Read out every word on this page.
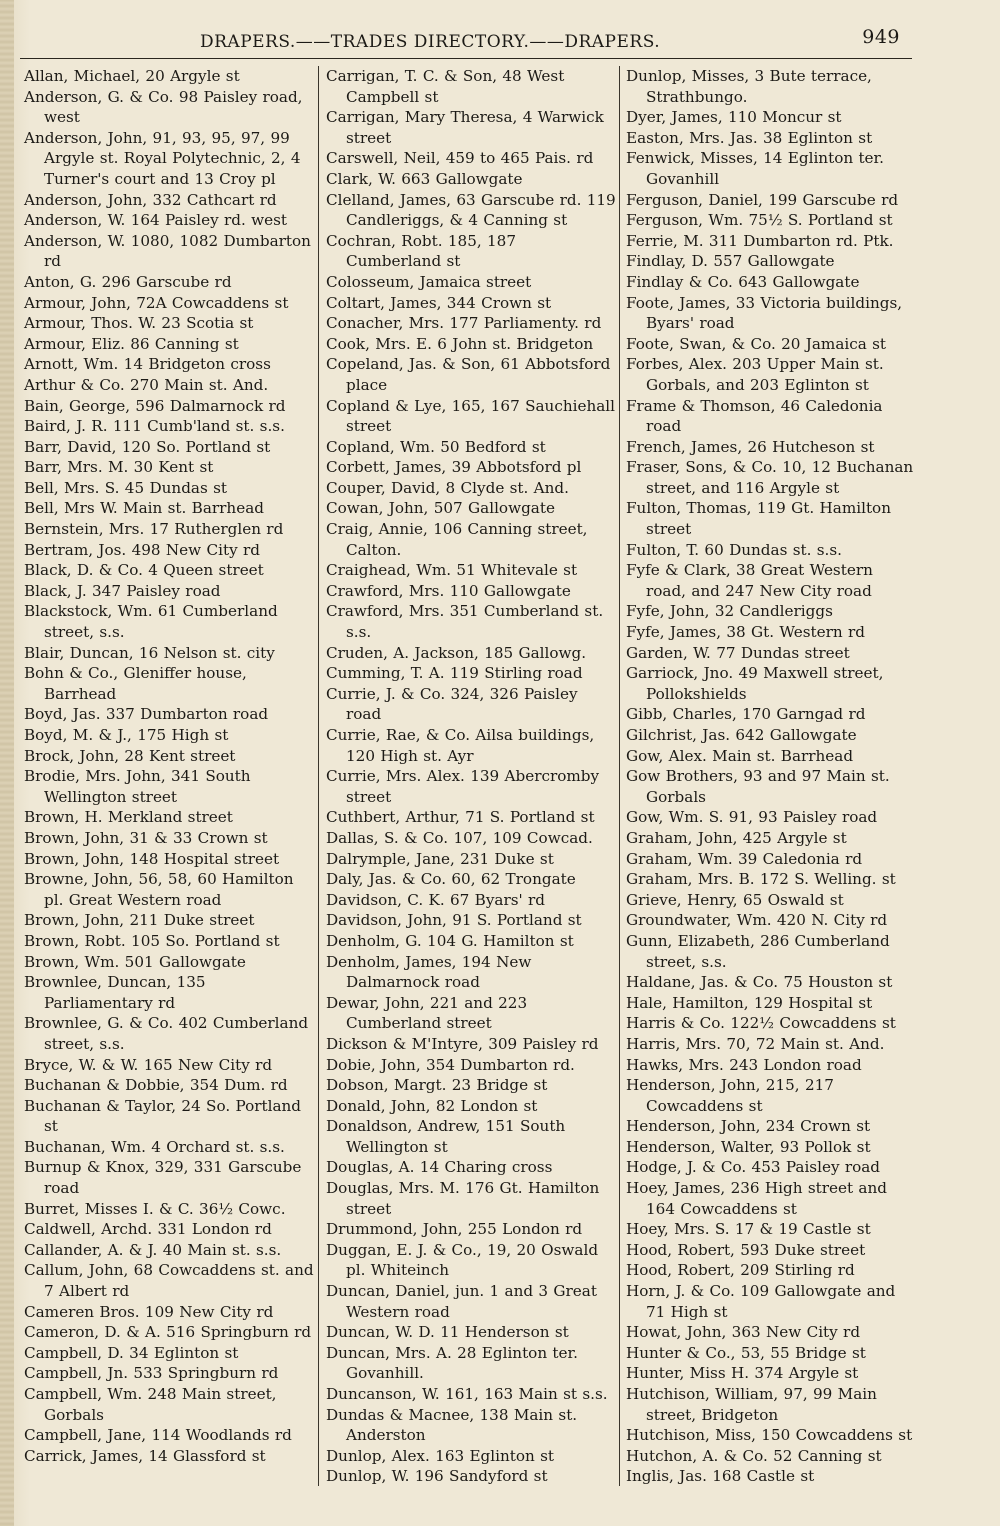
DRAPERS.——TRADES DIRECTORY.——DRAPERS.	949
Allan, Michael, 20 Argyle st
Anderson, G. & Co. 98 Paisley road, west
Anderson, John, 91, 93, 95, 97, 99 Argyle st. Royal Polytechnic, 2, 4 Turner's court and 13 Croy pl
Anderson, John, 332 Cathcart rd
Anderson, W. 164 Paisley rd. west
Anderson, W. 1080, 1082 Dumbarton rd
Anton, G. 296 Garscube rd
Armour, John, 72A Cowcaddens st
Armour, Thos. W. 23 Scotia st
Armour, Eliz. 86 Canning st
Arnott, Wm. 14 Bridgeton cross
Arthur & Co. 270 Main st. And.
Bain, George, 596 Dalmarnock rd
Baird, J. R. 111 Cumb'land st. s.s.
Barr, David, 120 So. Portland st
Barr, Mrs. M. 30 Kent st
Bell, Mrs. S. 45 Dundas st
Bell, Mrs W. Main st. Barrhead
Bernstein, Mrs. 17 Rutherglen rd
Bertram, Jos. 498 New City rd
Black, D. & Co. 4 Queen street
Black, J. 347 Paisley road
Blackstock, Wm. 61 Cumberland street, s.s.
Blair, Duncan, 16 Nelson st. city
Bohn & Co., Gleniffer house, Barrhead
Boyd, Jas. 337 Dumbarton road
Boyd, M. & J., 175 High st
Brock, John, 28 Kent street
Brodie, Mrs. John, 341 South Wellington street
Brown, H. Merkland street
Brown, John, 31 & 33 Crown st
Brown, John, 148 Hospital street
Browne, John, 56, 58, 60 Hamilton pl. Great Western road
Brown, John, 211 Duke street
Brown, Robt. 105 So. Portland st
Brown, Wm. 501 Gallowgate
Brownlee, Duncan, 135 Parliamentary rd
Brownlee, G. & Co. 402 Cumberland street, s.s.
Bryce, W. & W. 165 New City rd
Buchanan & Dobbie, 354 Dum. rd
Buchanan & Taylor, 24 So. Portland st
Buchanan, Wm. 4 Orchard st. s.s.
Burnup & Knox, 329, 331 Garscube road
Burret, Misses I. & C. 36½ Cowc.
Caldwell, Archd. 331 London rd
Callander, A. & J. 40 Main st. s.s.
Callum, John, 68 Cowcaddens st. and 7 Albert rd
Cameren Bros. 109 New City rd
Cameron, D. & A. 516 Springburn rd
Campbell, D. 34 Eglinton st
Campbell, Jn. 533 Springburn rd
Campbell, Wm. 248 Main street, Gorbals
Campbell, Jane, 114 Woodlands rd
Carrick, James, 14 Glassford st
Carrigan, T. C. & Son, 48 West Campbell st
Carrigan, Mary Theresa, 4 Warwick street
Carswell, Neil, 459 to 465 Pais. rd
Clark, W. 663 Gallowgate
Clelland, James, 63 Garscube rd. 119 Candleriggs, & 4 Canning st
Cochran, Robt. 185, 187 Cumberland st
Colosseum, Jamaica street
Coltart, James, 344 Crown st
Conacher, Mrs. 177 Parliamenty. rd
Cook, Mrs. E. 6 John st. Bridgeton
Copeland, Jas. & Son, 61 Abbotsford place
Copland & Lye, 165, 167 Sauchiehall street
Copland, Wm. 50 Bedford st
Corbett, James, 39 Abbotsford pl
Couper, David, 8 Clyde st. And.
Cowan, John, 507 Gallowgate
Craig, Annie, 106 Canning street, Calton.
Craighead, Wm. 51 Whitevale st
Crawford, Mrs. 110 Gallowgate
Crawford, Mrs. 351 Cumberland st. s.s.
Cruden, A. Jackson, 185 Gallowg.
Cumming, T. A. 119 Stirling road
Currie, J. & Co. 324, 326 Paisley road
Currie, Rae, & Co. Ailsa buildings, 120 High st. Ayr
Currie, Mrs. Alex. 139 Abercromby street
Cuthbert, Arthur, 71 S. Portland st
Dallas, S. & Co. 107, 109 Cowcad.
Dalrymple, Jane, 231 Duke st
Daly, Jas. & Co. 60, 62 Trongate
Davidson, C. K. 67 Byars' rd
Davidson, John, 91 S. Portland st
Denholm, G. 104 G. Hamilton st
Denholm, James, 194 New Dalmarnock road
Dewar, John, 221 and 223 Cumberland street
Dickson & M'Intyre, 309 Paisley rd
Dobie, John, 354 Dumbarton rd.
Dobson, Margt. 23 Bridge st
Donald, John, 82 London st
Donaldson, Andrew, 151 South Wellington st
Douglas, A. 14 Charing cross
Douglas, Mrs. M. 176 Gt. Hamilton street
Drummond, John, 255 London rd
Duggan, E. J. & Co., 19, 20 Oswald pl. Whiteinch
Duncan, Daniel, jun. 1 and 3 Great Western road
Duncan, W. D. 11 Henderson st
Duncan, Mrs. A. 28 Eglinton ter. Govanhill.
Duncanson, W. 161, 163 Main st s.s.
Dundas & Macnee, 138 Main st. Anderston
Dunlop, Alex. 163 Eglinton st
Dunlop, W. 196 Sandyford st
Dunlop, Misses, 3 Bute terrace, Strathbungo.
Dyer, James, 110 Moncur st
Easton, Mrs. Jas. 38 Eglinton st
Fenwick, Misses, 14 Eglinton ter. Govanhill
Ferguson, Daniel, 199 Garscube rd
Ferguson, Wm. 75½ S. Portland st
Ferrie, M. 311 Dumbarton rd. Ptk.
Findlay, D. 557 Gallowgate
Findlay & Co. 643 Gallowgate
Foote, James, 33 Victoria buildings, Byars' road
Foote, Swan, & Co. 20 Jamaica st
Forbes, Alex. 203 Upper Main st. Gorbals, and 203 Eglinton st
Frame & Thomson, 46 Caledonia road
French, James, 26 Hutcheson st
Fraser, Sons, & Co. 10, 12 Buchanan street, and 116 Argyle st
Fulton, Thomas, 119 Gt. Hamilton street
Fulton, T. 60 Dundas st. s.s.
Fyfe & Clark, 38 Great Western road, and 247 New City road
Fyfe, John, 32 Candleriggs
Fyfe, James, 38 Gt. Western rd
Garden, W. 77 Dundas street
Garriock, Jno. 49 Maxwell street, Pollokshields
Gibb, Charles, 170 Garngad rd
Gilchrist, Jas. 642 Gallowgate
Gow, Alex. Main st. Barrhead
Gow Brothers, 93 and 97 Main st. Gorbals
Gow, Wm. S. 91, 93 Paisley road
Graham, John, 425 Argyle st
Graham, Wm. 39 Caledonia rd
Graham, Mrs. B. 172 S. Welling. st
Grieve, Henry, 65 Oswald st
Groundwater, Wm. 420 N. City rd
Gunn, Elizabeth, 286 Cumberland street, s.s.
Haldane, Jas. & Co. 75 Houston st
Hale, Hamilton, 129 Hospital st
Harris & Co. 122½ Cowcaddens st
Harris, Mrs. 70, 72 Main st. And.
Hawks, Mrs. 243 London road
Henderson, John, 215, 217 Cowcaddens st
Henderson, John, 234 Crown st
Henderson, Walter, 93 Pollok st
Hodge, J. & Co. 453 Paisley road
Hoey, James, 236 High street and 164 Cowcaddens st
Hoey, Mrs. S. 17 & 19 Castle st
Hood, Robert, 593 Duke street
Hood, Robert, 209 Stirling rd
Horn, J. & Co. 109 Gallowgate and 71 High st
Howat, John, 363 New City rd
Hunter & Co., 53, 55 Bridge st
Hunter, Miss H. 374 Argyle st
Hutchison, William, 97, 99 Main street, Bridgeton
Hutchison, Miss, 150 Cowcaddens st
Hutchon, A. & Co. 52 Canning st
Inglis, Jas. 168 Castle st
